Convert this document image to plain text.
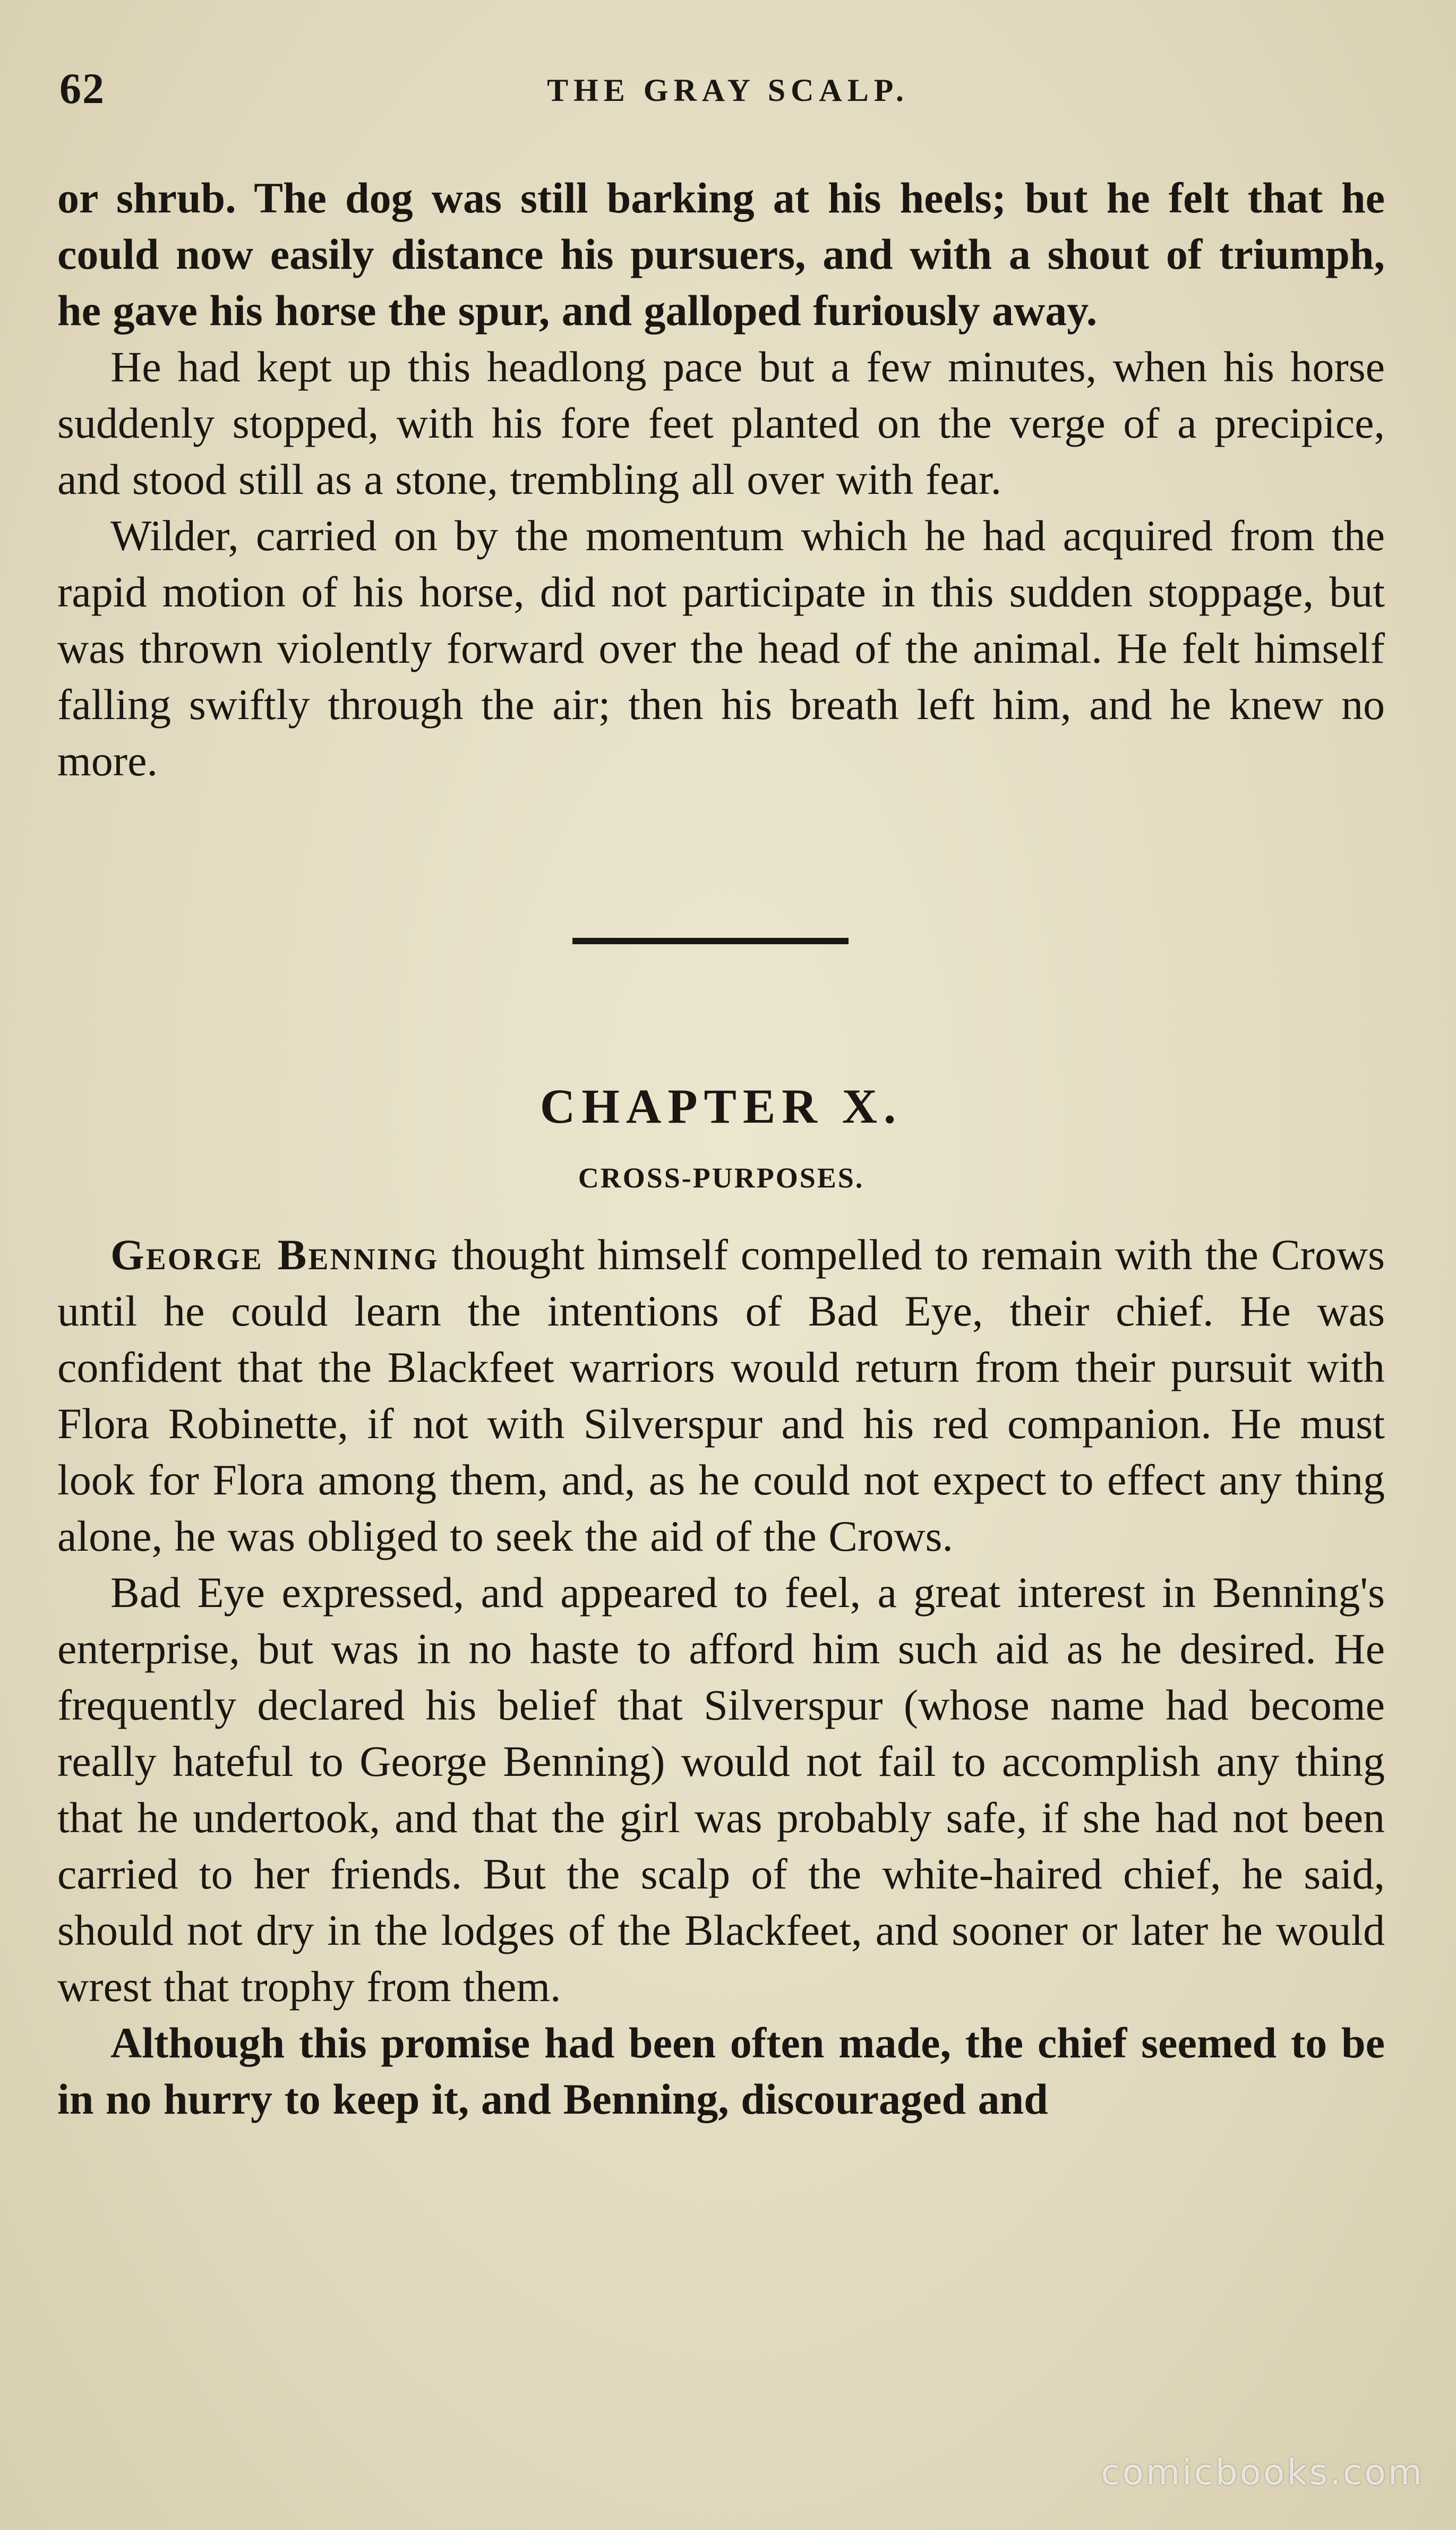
62	THE GRAY SCALP.

or shrub. The dog was still barking at his heels; but he felt that he could now easily distance his pursuers, and with a shout of triumph, he gave his horse the spur, and galloped furiously away.

He had kept up this headlong pace but a few minutes, when his horse suddenly stopped, with his fore feet planted on the verge of a precipice, and stood still as a stone, trembling all over with fear.

Wilder, carried on by the momentum which he had acquired from the rapid motion of his horse, did not participate in this sudden stoppage, but was thrown violently forward over the head of the animal. He felt himself falling swiftly through the air; then his breath left him, and he knew no more.

CHAPTER X.
CROSS-PURPOSES.

George Benning thought himself compelled to remain with the Crows until he could learn the intentions of Bad Eye, their chief. He was confident that the Blackfeet warriors would return from their pursuit with Flora Robinette, if not with Silverspur and his red companion. He must look for Flora among them, and, as he could not expect to effect any thing alone, he was obliged to seek the aid of the Crows.

Bad Eye expressed, and appeared to feel, a great interest in Benning's enterprise, but was in no haste to afford him such aid as he desired. He frequently declared his belief that Silverspur (whose name had become really hateful to George Benning) would not fail to accomplish any thing that he undertook, and that the girl was probably safe, if she had not been carried to her friends. But the scalp of the white-haired chief, he said, should not dry in the lodges of the Blackfeet, and sooner or later he would wrest that trophy from them.

Although this promise had been often made, the chief seemed to be in no hurry to keep it, and Benning, discouraged and

comicbooks.com
